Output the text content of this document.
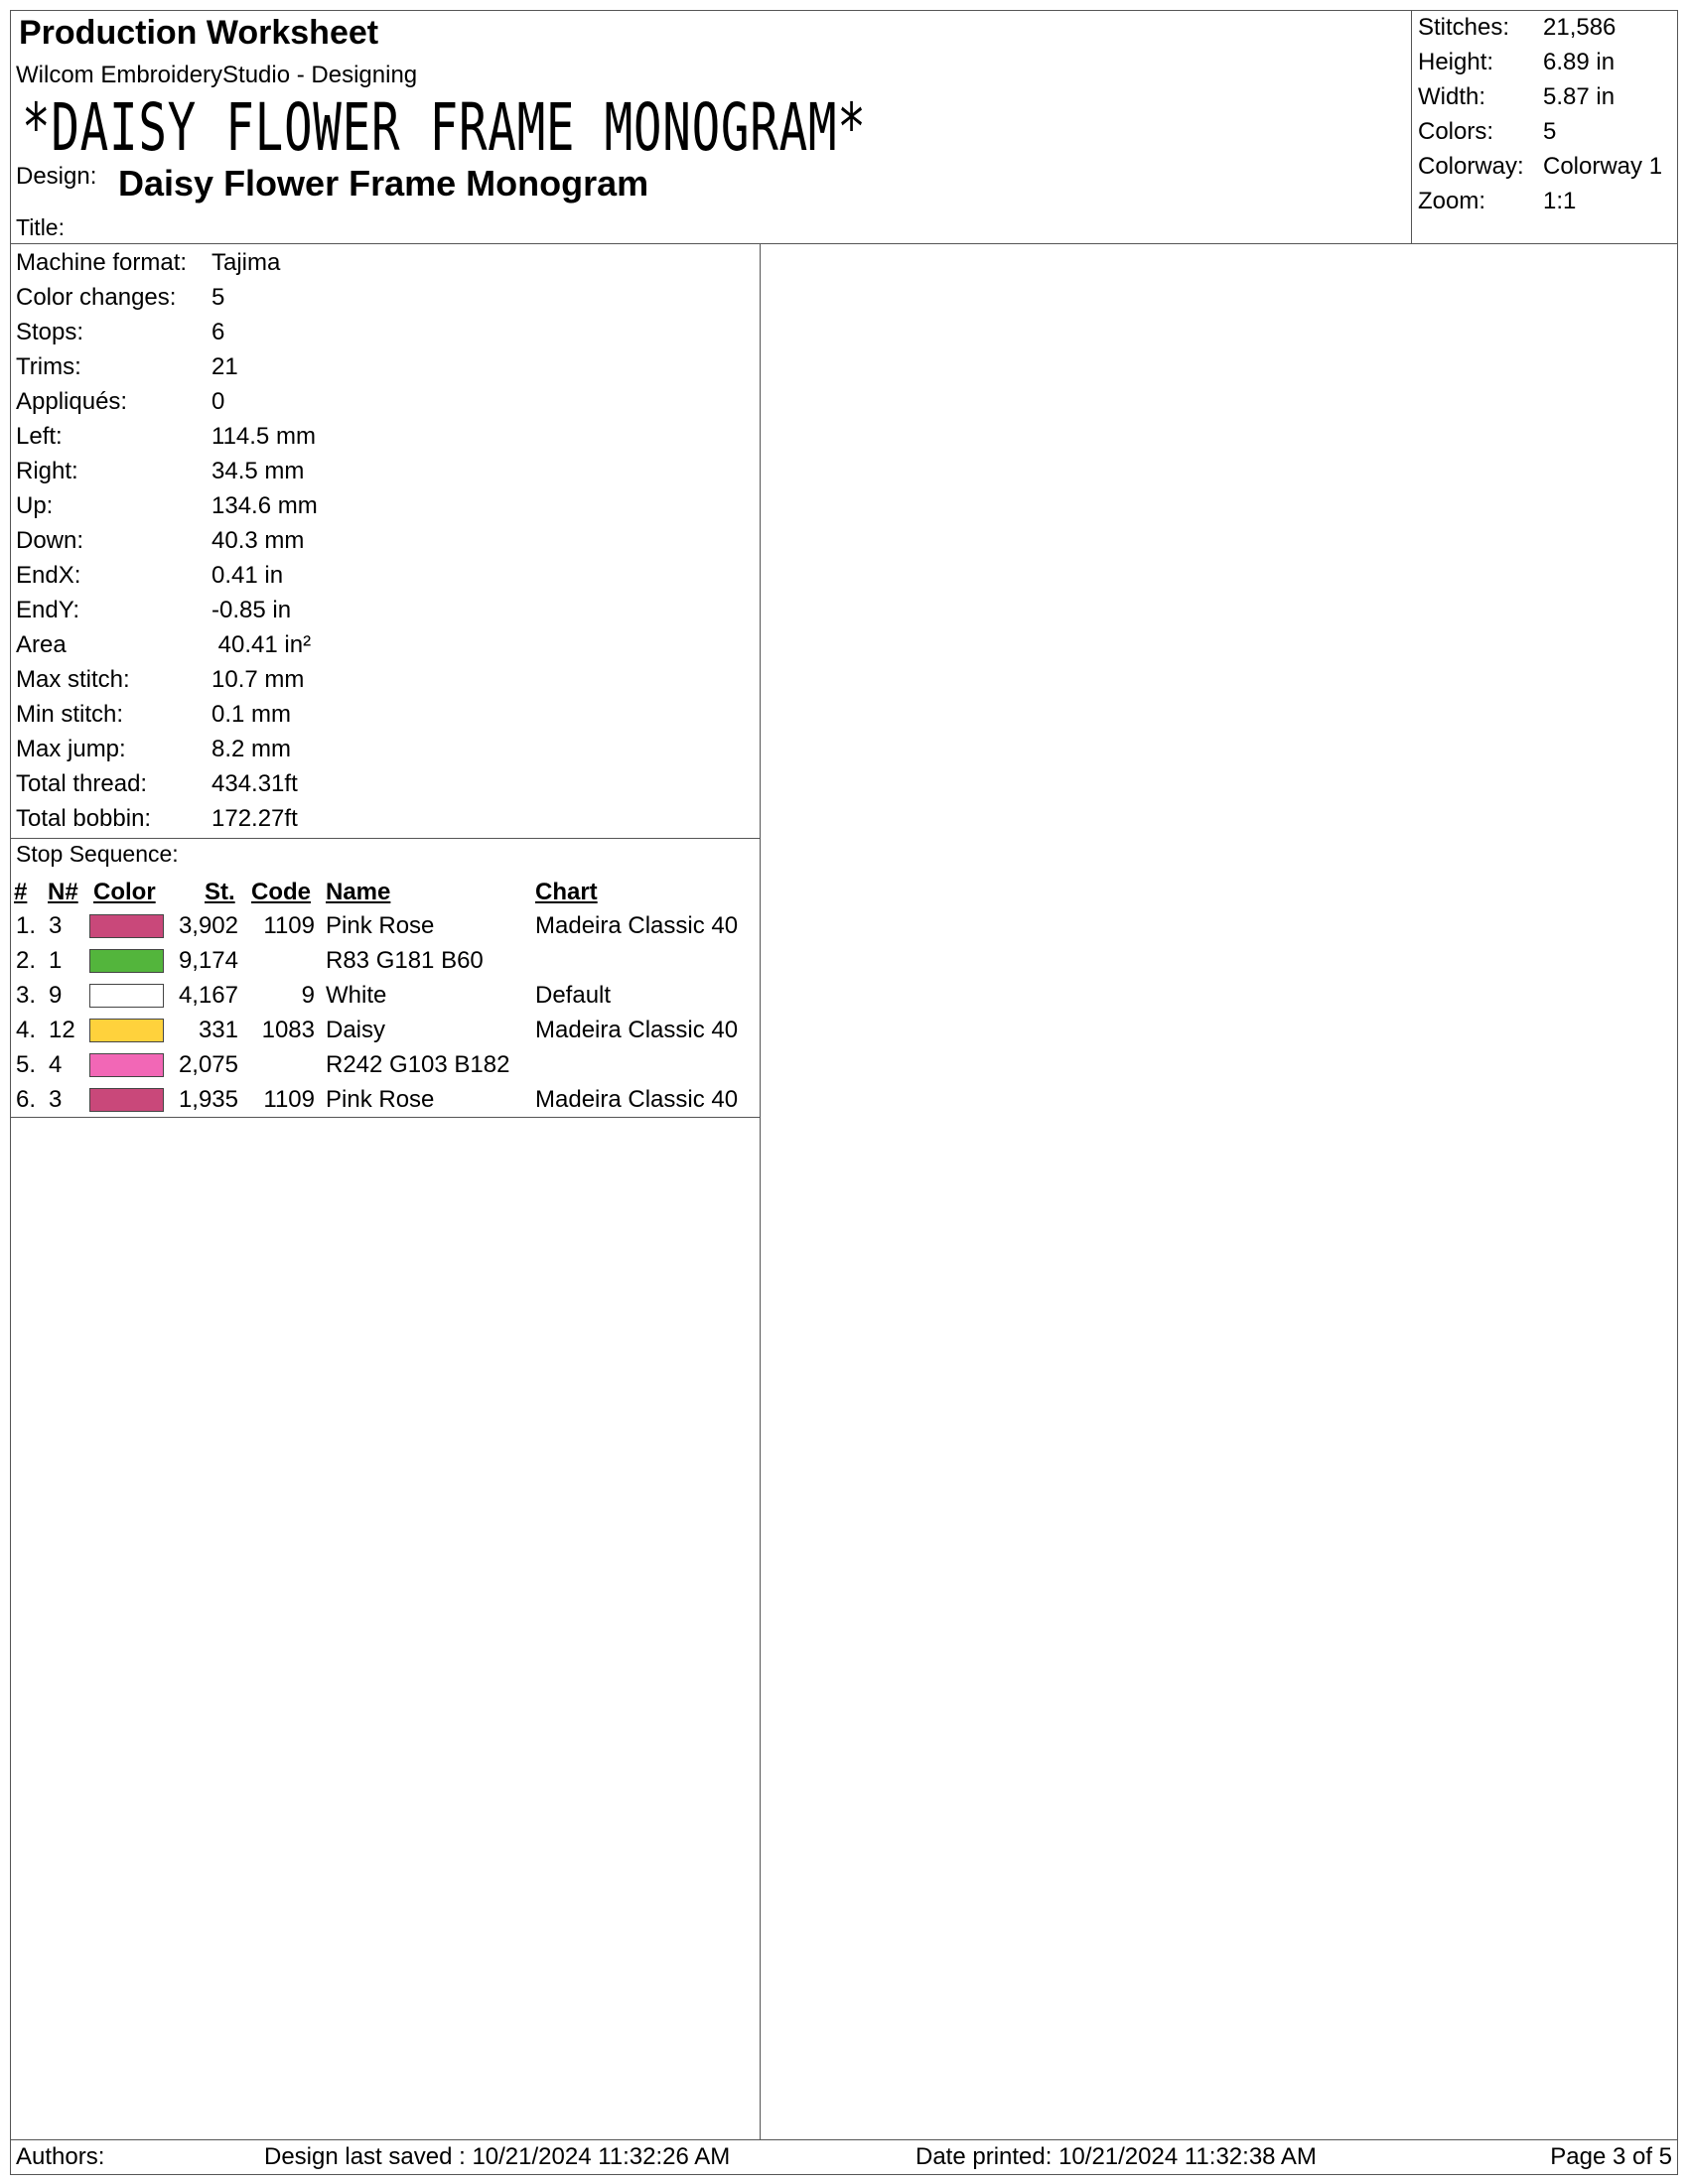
Production Worksheet
Wilcom EmbroideryStudio - Designing
*DAISY FLOWER FRAME MONOGRAM*
Design: Daisy Flower Frame Monogram
Title:
Stitches: 21,586
Height: 6.89 in
Width: 5.87 in
Colors: 5
Colorway: Colorway 1
Zoom: 1:1
Machine format: Tajima
Color changes: 5
Stops:	6
Trims:	21
Appliqués:	0
Left:	114.5 mm
Right:	34.5 mm
Up:	134.6 mm
Down:	40.3 mm
EndX:	0.41 in
EndY:	-0.85 in
Area	40.41 in²
Max stitch:	10.7 mm
Min stitch:	0.1 mm
Max jump:	8.2 mm
Total thread:	434.31ft
Total bobbin:	172.27ft
Stop Sequence:
# N# Color St. Code Name	Chart
1. 3	3,902 1109 Pink Rose	Madeira Classic 40
2. 1	9,174	R83 G181 B60
3. 9	4,167	9 White	Default
4. 12	331 1083 Daisy	Madeira Classic 40
5. 4	2,075	R242 G103 B182
6. 3	1,935 1109 Pink Rose	Madeira Classic 40
Authors:	Design last saved : 10/21/2024 11:32:26 AM	Date printed: 10/21/2024 11:32:38 AM	Page 3 of 5
